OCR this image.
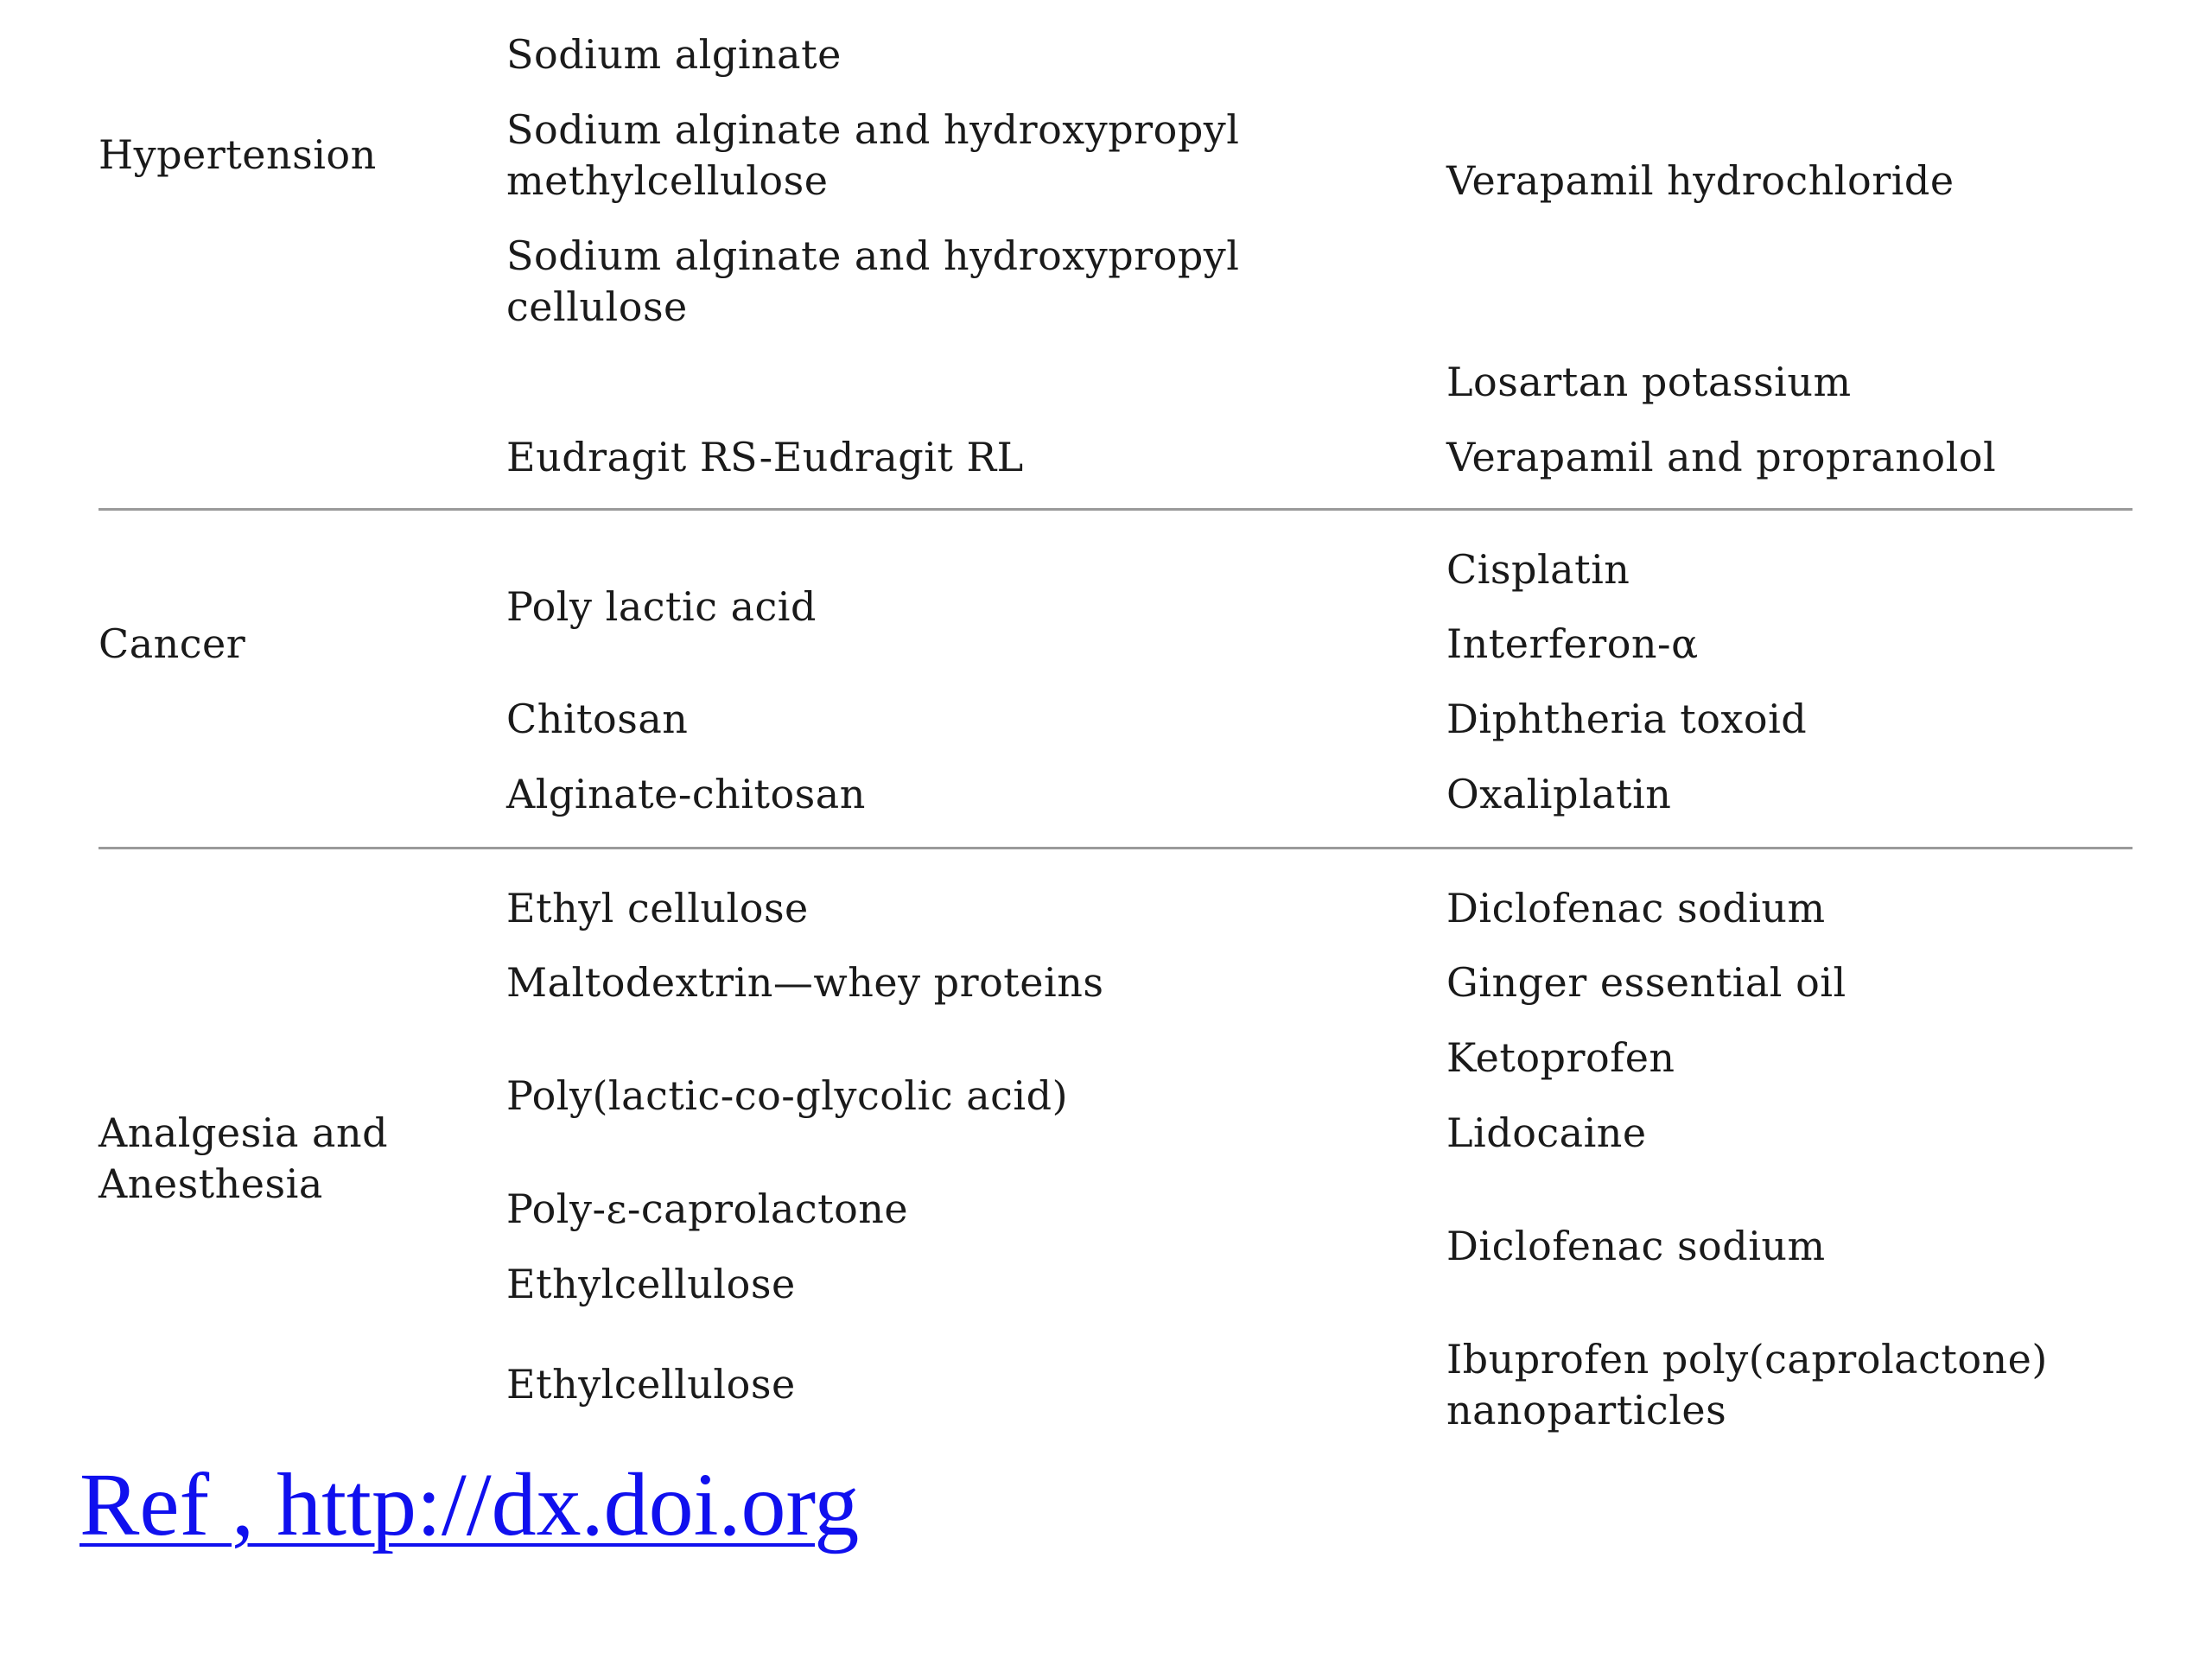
Hypertension
Sodium alginate
Sodium alginate and hydroxypropyl
methylcellulose
Sodium alginate and hydroxypropyl
cellulose
Eudragit RS-Eudragit RL
Verapamil hydrochloride
Losartan potassium
Verapamil and propranolol
Cancer
Poly lactic acid
Chitosan
Alginate-chitosan
Cisplatin
Interferon-α
Diphtheria toxoid
Oxaliplatin
Analgesia and
Anesthesia
Ethyl cellulose
Maltodextrin—whey proteins
Poly(lactic-co-glycolic acid)
Poly-ε-caprolactone
Ethylcellulose
Ethylcellulose
Diclofenac sodium
Ginger essential oil
Ketoprofen
Lidocaine
Diclofenac sodium
Ibuprofen poly(caprolactone)
nanoparticles
Ref , http://dx.doi.org
